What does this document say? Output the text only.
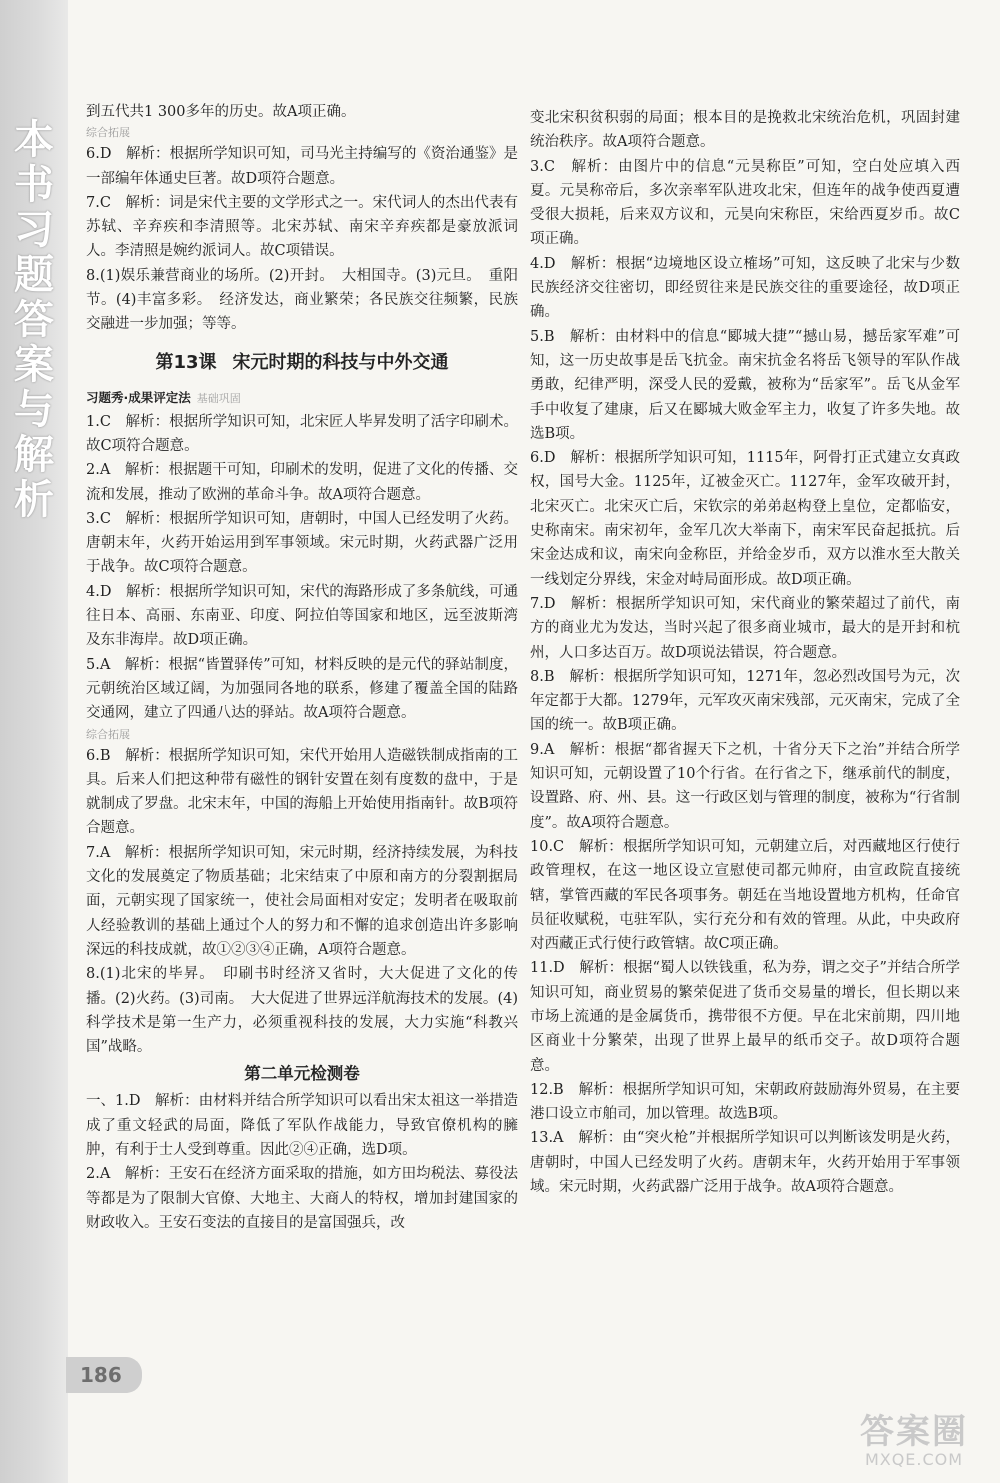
本书习题答案与解析
186

到五代共1 300多年的历史。故A项正确。

综合拓展

6.D　解析：根据所学知识可知，司马光主持编写的《资治通鉴》是一部编年体通史巨著。故D项符合题意。

7.C　解析：词是宋代主要的文学形式之一。宋代词人的杰出代表有苏轼、辛弃疾和李清照等。北宋苏轼、南宋辛弃疾都是豪放派词人。李清照是婉约派词人。故C项错误。

8.(1)娱乐兼营商业的场所。(2)开封。　大相国寺。(3)元旦。　重阳节。(4)丰富多彩。　经济发达，商业繁荣；各民族交往频繁，民族交融进一步加强；等等。

第13课 宋元时期的科技与中外交通

习题秀·成果评定法 基础巩固

1.C　解析：根据所学知识可知，北宋匠人毕昇发明了活字印刷术。故C项符合题意。

2.A　解析：根据题干可知，印刷术的发明，促进了文化的传播、交流和发展，推动了欧洲的革命斗争。故A项符合题意。

3.C　解析：根据所学知识可知，唐朝时，中国人已经发明了火药。唐朝末年，火药开始运用到军事领域。宋元时期，火药武器广泛用于战争。故C项符合题意。

4.D　解析：根据所学知识可知，宋代的海路形成了多条航线，可通往日本、高丽、东南亚、印度、阿拉伯等国家和地区，远至波斯湾及东非海岸。故D项正确。

5.A　解析：根据“皆置驿传”可知，材料反映的是元代的驿站制度，元朝统治区域辽阔，为加强同各地的联系，修建了覆盖全国的陆路交通网，建立了四通八达的驿站。故A项符合题意。

综合拓展

6.B　解析：根据所学知识可知，宋代开始用人造磁铁制成指南的工具。后来人们把这种带有磁性的钢针安置在刻有度数的盘中，于是就制成了罗盘。北宋末年，中国的海船上开始使用指南针。故B项符合题意。

7.A　解析：根据所学知识可知，宋元时期，经济持续发展，为科技文化的发展奠定了物质基础；北宋结束了中原和南方的分裂割据局面，元朝实现了国家统一，使社会局面相对安定；发明者在吸取前人经验教训的基础上通过个人的努力和不懈的追求创造出许多影响深远的科技成就，故①②③④正确，A项符合题意。

8.(1)北宋的毕昇。　印刷书时经济又省时，大大促进了文化的传播。(2)火药。(3)司南。　大大促进了世界远洋航海技术的发展。(4)科学技术是第一生产力，必须重视科技的发展，大力实施“科教兴国”战略。

第二单元检测卷

一、1.D　解析：由材料并结合所学知识可以看出宋太祖这一举措造成了重文轻武的局面，降低了军队作战能力，导致官僚机构的臃肿，有利于士人受到尊重。因此②④正确，选D项。

2.A　解析：王安石在经济方面采取的措施，如方田均税法、募役法等都是为了限制大官僚、大地主、大商人的特权，增加封建国家的财政收入。王安石变法的直接目的是富国强兵，改

变北宋积贫积弱的局面；根本目的是挽救北宋统治危机，巩固封建统治秩序。故A项符合题意。

3.C　解析：由图片中的信息“元昊称臣”可知，空白处应填入西夏。元昊称帝后，多次亲率军队进攻北宋，但连年的战争使西夏遭受很大损耗，后来双方议和，元昊向宋称臣，宋给西夏岁币。故C项正确。

4.D　解析：根据“边境地区设立榷场”可知，这反映了北宋与少数民族经济交往密切，即经贸往来是民族交往的重要途径，故D项正确。

5.B　解析：由材料中的信息“郾城大捷”“撼山易，撼岳家军难”可知，这一历史故事是岳飞抗金。南宋抗金名将岳飞领导的军队作战勇敢，纪律严明，深受人民的爱戴，被称为“岳家军”。岳飞从金军手中收复了建康，后又在郾城大败金军主力，收复了许多失地。故选B项。

6.D　解析：根据所学知识可知，1115年，阿骨打正式建立女真政权，国号大金。1125年，辽被金灭亡。1127年，金军攻破开封，北宋灭亡。北宋灭亡后，宋钦宗的弟弟赵构登上皇位，定都临安，史称南宋。南宋初年，金军几次大举南下，南宋军民奋起抵抗。后宋金达成和议，南宋向金称臣，并给金岁币，双方以淮水至大散关一线划定分界线，宋金对峙局面形成。故D项正确。

7.D　解析：根据所学知识可知，宋代商业的繁荣超过了前代，南方的商业尤为发达，当时兴起了很多商业城市，最大的是开封和杭州，人口多达百万。故D项说法错误，符合题意。

8.B　解析：根据所学知识可知，1271年，忽必烈改国号为元，次年定都于大都。1279年，元军攻灭南宋残部，元灭南宋，完成了全国的统一。故B项正确。

9.A　解析：根据“都省握天下之机，十省分天下之治”并结合所学知识可知，元朝设置了10个行省。在行省之下，继承前代的制度，设置路、府、州、县。这一行政区划与管理的制度，被称为“行省制度”。故A项符合题意。

10.C　解析：根据所学知识可知，元朝建立后，对西藏地区行使行政管理权，在这一地区设立宣慰使司都元帅府，由宣政院直接统辖，掌管西藏的军民各项事务。朝廷在当地设置地方机构，任命官员征收赋税，屯驻军队，实行充分和有效的管理。从此，中央政府对西藏正式行使行政管辖。故C项正确。

11.D　解析：根据“蜀人以铁钱重，私为券，谓之交子”并结合所学知识可知，商业贸易的繁荣促进了货币交易量的增长，但长期以来市场上流通的是金属货币，携带很不方便。早在北宋前期，四川地区商业十分繁荣，出现了世界上最早的纸币交子。故D项符合题意。

12.B　解析：根据所学知识可知，宋朝政府鼓励海外贸易，在主要港口设立市舶司，加以管理。故选B项。

13.A　解析：由“突火枪”并根据所学知识可以判断该发明是火药，唐朝时，中国人已经发明了火药。唐朝末年，火药开始用于军事领域。宋元时期，火药武器广泛用于战争。故A项符合题意。

答案圈
MXQE.COM
